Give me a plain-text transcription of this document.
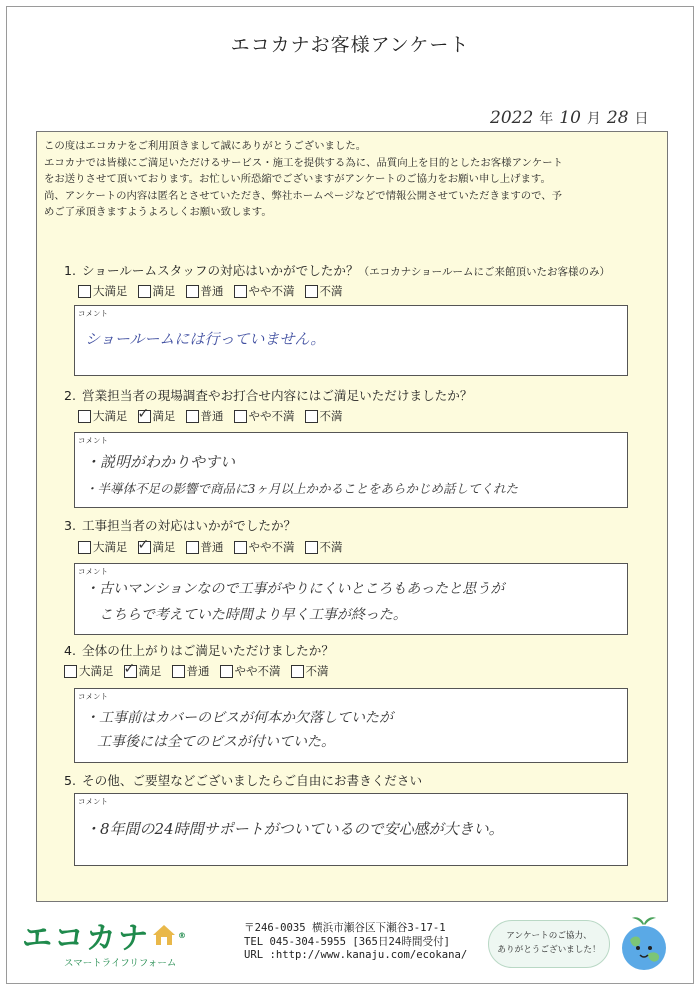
エコカナお客様アンケート
2022 年 10 月 28 日
この度はエコカナをご利用頂きまして誠にありがとうございました。
エコカナでは皆様にご満足いただけるサービス・施工を提供する為に、品質向上を目的としたお客様アンケート
をお送りさせて頂いております。お忙しい所恐縮でございますがアンケートのご協力をお願い申し上げます。
尚、アンケートの内容は匿名とさせていただき、弊社ホームページなどで情報公開させていただきますので、予
めご了承頂きますようよろしくお願い致します。
1. ショールームスタッフの対応はいかがでしたか？（エコカナショールームにご来館頂いたお客様のみ）
大満足 満足 普通 やや不満 不満
コメント
ショールームには行っていません。
2. 営業担当者の現場調査やお打合せ内容にはご満足いただけましたか？
大満足 ✓ 満足 普通 やや不満 不満
コメント
・説明がわかりやすい
・半導体不足の影響で商品に3ヶ月以上かかることをあらかじめ話してくれた
3. 工事担当者の対応はいかがでしたか？
大満足 ✓ 満足 普通 やや不満 不満
コメント
・古いマンションなので工事がやりにくいところもあったと思うが
こちらで考えていた時間より早く工事が終った。
4. 全体の仕上がりはご満足いただけましたか？
大満足 ✓ 満足 普通 やや不満 不満
コメント
・工事前はカバーのビスが何本か欠落していたが
工事後には全てのビスが付いていた。
5. その他、ご要望などございましたらご自由にお書きください
コメント
・8年間の24時間サポートがついているので安心感が大きい。
エコカナ	®
スマートライフリフォーム
〒246-0035 横浜市瀬谷区下瀬谷3-17-1
TEL 045-304-5955 [365日24時間受付]
URL :http://www.kanaju.com/ecokana/
アンケートのご協力、
ありがとうございました！
